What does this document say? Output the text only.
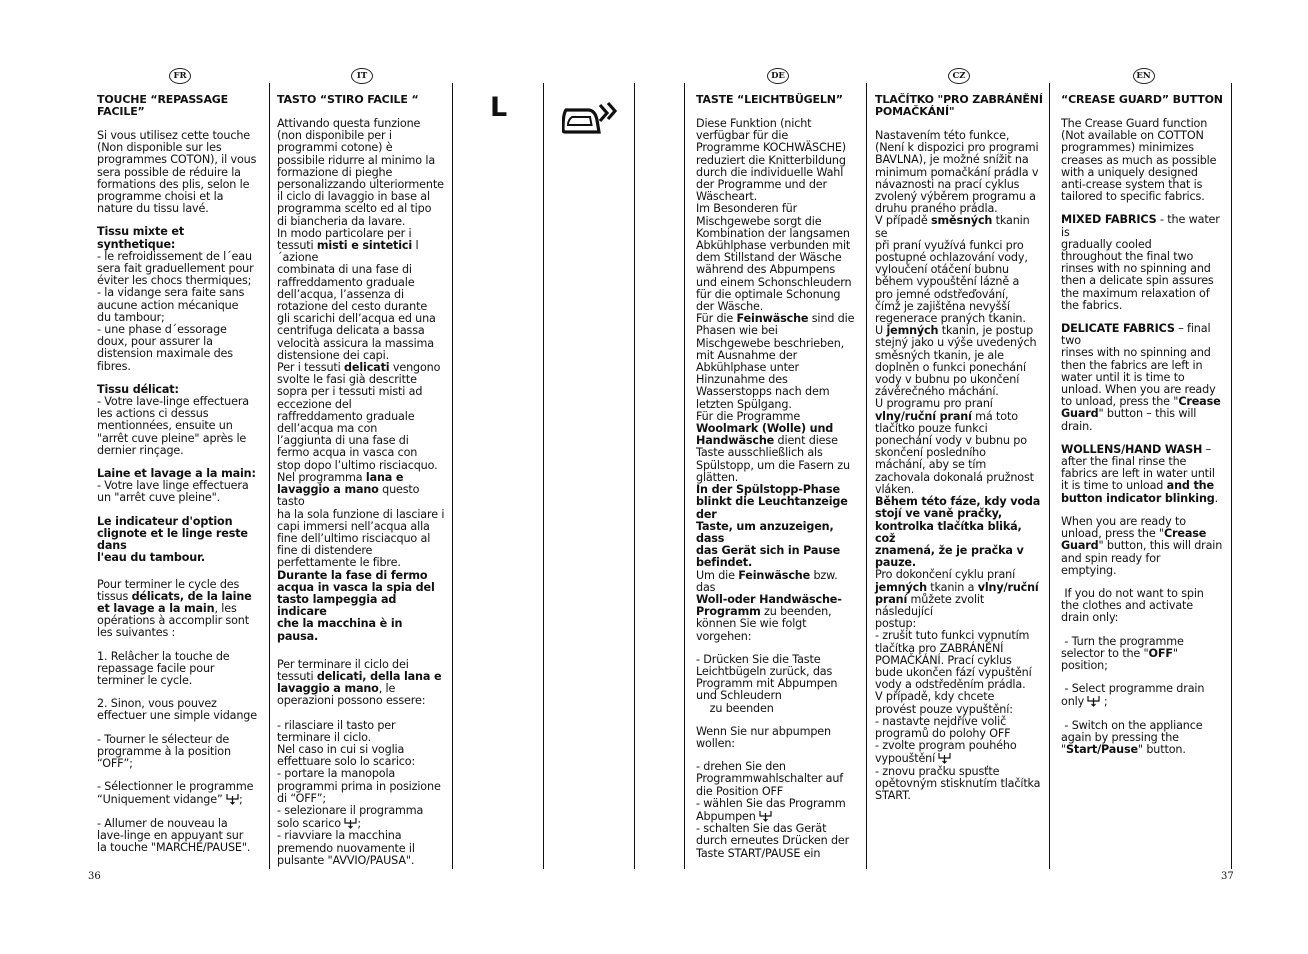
36	37
L
FR
TOUCHE “REPASSAGE FACILE”

Si vous utilisez cette touche
(Non disponible sur les
programmes COTON), il vous
sera possible de réduire la
formations des plis, selon le
programme choisi et la
nature du tissu lavé.

Tissu mixte et synthetique:
- le refroidissement de l´eau
sera fait graduellement pour
éviter les chocs thermiques;
- la vidange sera faite sans
aucune action mécanique
du tambour;
- une phase d´essorage
doux, pour assurer la
distension maximale des
fibres.

Tissu délicat:
- Votre lave-linge effectuera
les actions ci dessus
mentionnées, ensuite un
"arrêt cuve pleine" après le
dernier rinçage.

Laine et lavage a la main:
- Votre lave linge effectuera
un "arrêt cuve pleine".

Le indicateur d'option
clignote et le linge reste dans
l'eau du tambour.

Pour terminer le cycle des
tissus délicats, de la laine et lavage a la main, les
opérations à accomplir sont
les suivantes :

1. Relâcher la touche de
repassage facile pour
terminer le cycle.

2. Sinon, vous pouvez
effectuer une simple vidange

- Tourner le sélecteur de
programme à la position
“OFF”;

- Sélectionner le programme
“Uniquement vidange” ;

- Allumer de nouveau la
lave-linge en appuyant sur
la touche "MARCHE/PAUSE".

IT
TASTO “STIRO FACILE “

Attivando questa funzione
(non disponibile per i
programmi cotone) è
possibile ridurre al minimo la
formazione di pieghe
personalizzando ulteriormente
il ciclo di lavaggio in base al
programma scelto ed al tipo
di biancheria da lavare.
In modo particolare per i
tessuti misti e sintetici l´azione
combinata di una fase di
raffreddamento graduale
dell’acqua, l’assenza di
rotazione del cesto durante
gli scarichi dell’acqua ed una
centrifuga delicata a bassa
velocità assicura la massima
distensione dei capi.
Per i tessuti delicati vengono
svolte le fasi già descritte
sopra per i tessuti misti ad
eccezione del
raffreddamento graduale
dell’acqua ma con
l’aggiunta di una fase di
fermo acqua in vasca con
stop dopo l’ultimo risciacquo.
Nel programma lana e
lavaggio a mano questo tasto
ha la sola funzione di lasciare i
capi immersi nell’acqua alla
fine dell’ultimo risciacquo al
fine di distendere
perfettamente le fibre.
Durante la fase di fermo
acqua in vasca la spia del
tasto lampeggia ad indicare
che la macchina è in pausa.

Per terminare il ciclo dei
tessuti delicati, della lana e
lavaggio a mano, le
operazioni possono essere:

- rilasciare il tasto per
terminare il ciclo.
Nel caso in cui si voglia
effettuare solo lo scarico:
- portare la manopola
programmi prima in posizione
di “OFF”;
- selezionare il programma
solo scarico ;
- riavviare la macchina
premendo nuovamente il
pulsante "AVVIO/PAUSA".

DE
TASTE “LEICHTBÜGELN”

Diese Funktion (nicht
verfügbar für die
Programme KOCHWÄSCHE)
reduziert die Knitterbildung
durch die individuelle Wahl
der Programme und der
Wäscheart.
Im Besonderen für
Mischgewebe sorgt die
Kombination der langsamen
Abkühlphase verbunden mit
dem Stillstand der Wäsche
während des Abpumpens
und einem Schonschleudern
für die optimale Schonung
der Wäsche.
Für die Feinwäsche sind die
Phasen wie bei
Mischgewebe beschrieben,
mit Ausnahme der
Abkühlphase unter
Hinzunahme des
Wasserstopps nach dem
letzten Spülgang.
Für die Programme
Woolmark (Wolle) und
Handwäsche dient diese
Taste ausschließlich als
Spülstopp, um die Fasern zu
glätten.
In der Spülstopp-Phase
blinkt die Leuchtanzeige der
Taste, um anzuzeigen, dass
das Gerät sich in Pause
befindet.
Um die Feinwäsche bzw. das
Woll-oder Handwäsche-
Programm zu beenden,
können Sie wie folgt
vorgehen:

- Drücken Sie die Taste
Leichtbügeln zurück, das
Programm mit Abpumpen
und Schleudern
zu beenden

Wenn Sie nur abpumpen
wollen:

- drehen Sie den
Programmwahlschalter auf
die Position OFF
- wählen Sie das Programm
Abpumpen
- schalten Sie das Gerät
durch erneutes Drücken der
Taste START/PAUSE ein

CZ
TLAČÍTKO "PRO ZABRÁNĚNÍ
POMAČKÁNÍ"

Nastavením této funkce,
(Není k dispozici pro programi
BAVLNA), je možné snížit na
minimum pomačkání prádla v
návaznosti na prací cyklus
zvolený výběrem programu a
druhu praného prádla.
V případě směsných tkanin se
při praní využívá funkci pro
postupné ochlazování vody,
vyloučení otáčení bubnu
během vypouštění lázně a
pro jemné odstřeďování,
čímž je zajištěna nevyšší
regenerace praných tkanin.
U jemných tkanin, je postup
stejný jako u výše uvedených
směsných tkanin, je ale
doplněn o funkci ponechání
vody v bubnu po ukončení
závěrečného máchání.
U programu pro praní
vlny/ruční praní má toto
tlačítko pouze funkci
ponechání vody v bubnu po
skončení posledního
máchání, aby se tím
zachovala dokonalá pružnost
vláken.
Během této fáze, kdy voda
stojí ve vaně pračky,
kontrolka tlačítka bliká, což
znamená, že je pračka v
pauze.
Pro dokončení cyklu praní
jemných tkanin a vlny/ruční
praní můžete zvolit následující
postup:
- zrušit tuto funkci vypnutím
tlačítka pro ZABRÁNĚNÍ
POMAČKÁNÍ. Prací cyklus
bude ukončen fází vypuštění
vody a odstředěním prádla.
V případě, kdy chcete
provést pouze vypuštění:
- nastavte nejdříve volič
programů do polohy OFF
- zvolte program pouhého
vypouštění
- znovu pračku spusťte
opětovným stisknutím tlačítka
START.

EN
“CREASE GUARD” BUTTON

The Crease Guard function
(Not available on COTTON
programmes) minimizes
creases as much as possible
with a uniquely designed
anti-crease system that is
tailored to specific fabrics.

MIXED FABRICS - the water is
gradually cooled
throughout the final two
rinses with no spinning and
then a delicate spin assures
the maximum relaxation of
the fabrics.

DELICATE FABRICS – final two
rinses with no spinning and
then the fabrics are left in
water until it is time to
unload. When you are ready
to unload, press the "Crease
Guard" button – this will
drain.

WOLLENS/HAND WASH –
after the final rinse the
fabrics are left in water until
it is time to unload and the
button indicator blinking.

When you are ready to
unload, press the "Crease
Guard" button, this will drain
and spin ready for
emptying.

If you do not want to spin
the clothes and activate
drain only:

- Turn the programme
selector to the "OFF"
position;

- Select programme drain
only ;

- Switch on the appliance
again by pressing the
"Start/Pause" button.
